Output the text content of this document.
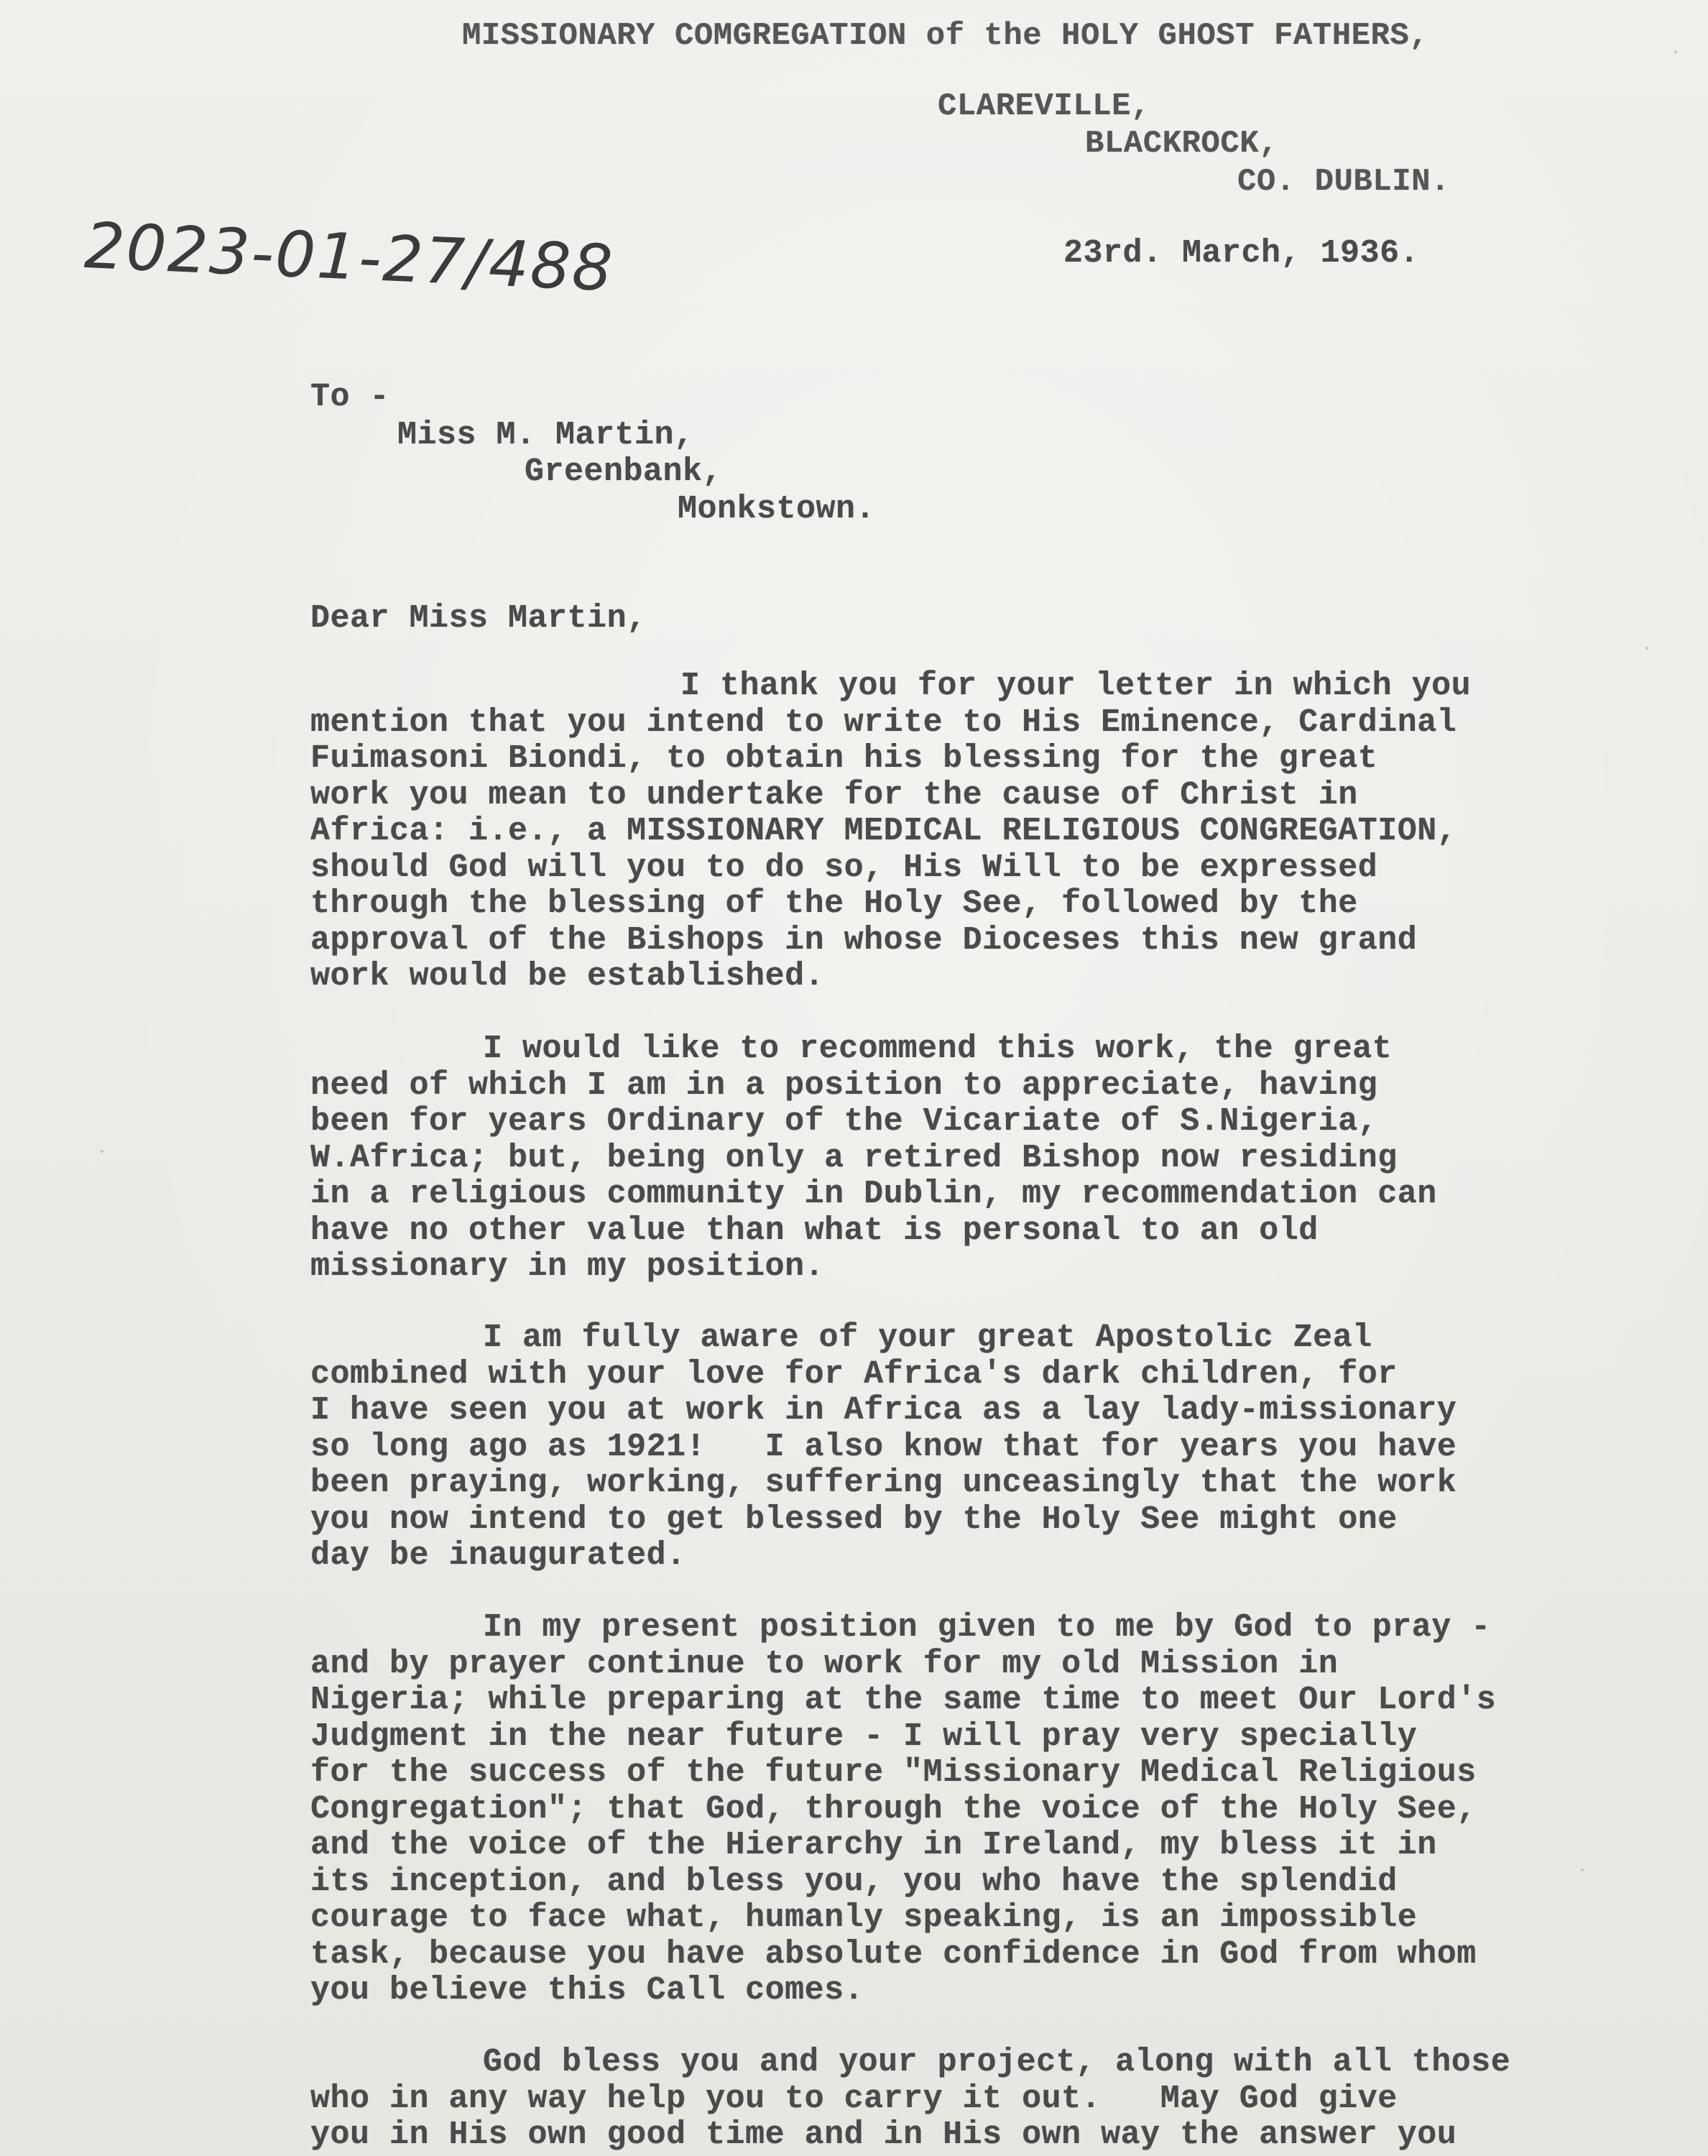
MISSIONARY COMGREGATION of the HOLY GHOST FATHERS,
CLAREVILLE,
BLACKROCK,
CO. DUBLIN.
2023-01-27/488	23rd. March, 1936.
To -
Miss M. Martin,
Greenbank,
Monkstown.
Dear Miss Martin,
I thank you for your letter in which you
mention that you intend to write to His Eminence, Cardinal
Fuimasoni Biondi, to obtain his blessing for the great
work you mean to undertake for the cause of Christ in
Africa: i.e., a MISSIONARY MEDICAL RELIGIOUS CONGREGATION,
should God will you to do so, His Will to be expressed
through the blessing of the Holy See, followed by the
approval of the Bishops in whose Dioceses this new grand
work would be established.
I would like to recommend this work, the great
need of which I am in a position to appreciate, having
been for years Ordinary of the Vicariate of S.Nigeria,
W.Africa; but, being only a retired Bishop now residing
in a religious community in Dublin, my recommendation can
have no other value than what is personal to an old
missionary in my position.
I am fully aware of your great Apostolic Zeal
combined with your love for Africa's dark children, for
I have seen you at work in Africa as a lay lady-missionary
so long ago as 1921!   I also know that for years you have
been praying, working, suffering unceasingly that the work
you now intend to get blessed by the Holy See might one
day be inaugurated.
In my present position given to me by God to pray -
and by prayer continue to work for my old Mission in
Nigeria; while preparing at the same time to meet Our Lord's
Judgment in the near future - I will pray very specially
for the success of the future "Missionary Medical Religious
Congregation"; that God, through the voice of the Holy See,
and the voice of the Hierarchy in Ireland, my bless it in
its inception, and bless you, you who have the splendid
courage to face what, humanly speaking, is an impossible
task, because you have absolute confidence in God from whom
you believe this Call comes.
God bless you and your project, along with all those
who in any way help you to carry it out.   May God give
you in His own good time and in His own way the answer you
